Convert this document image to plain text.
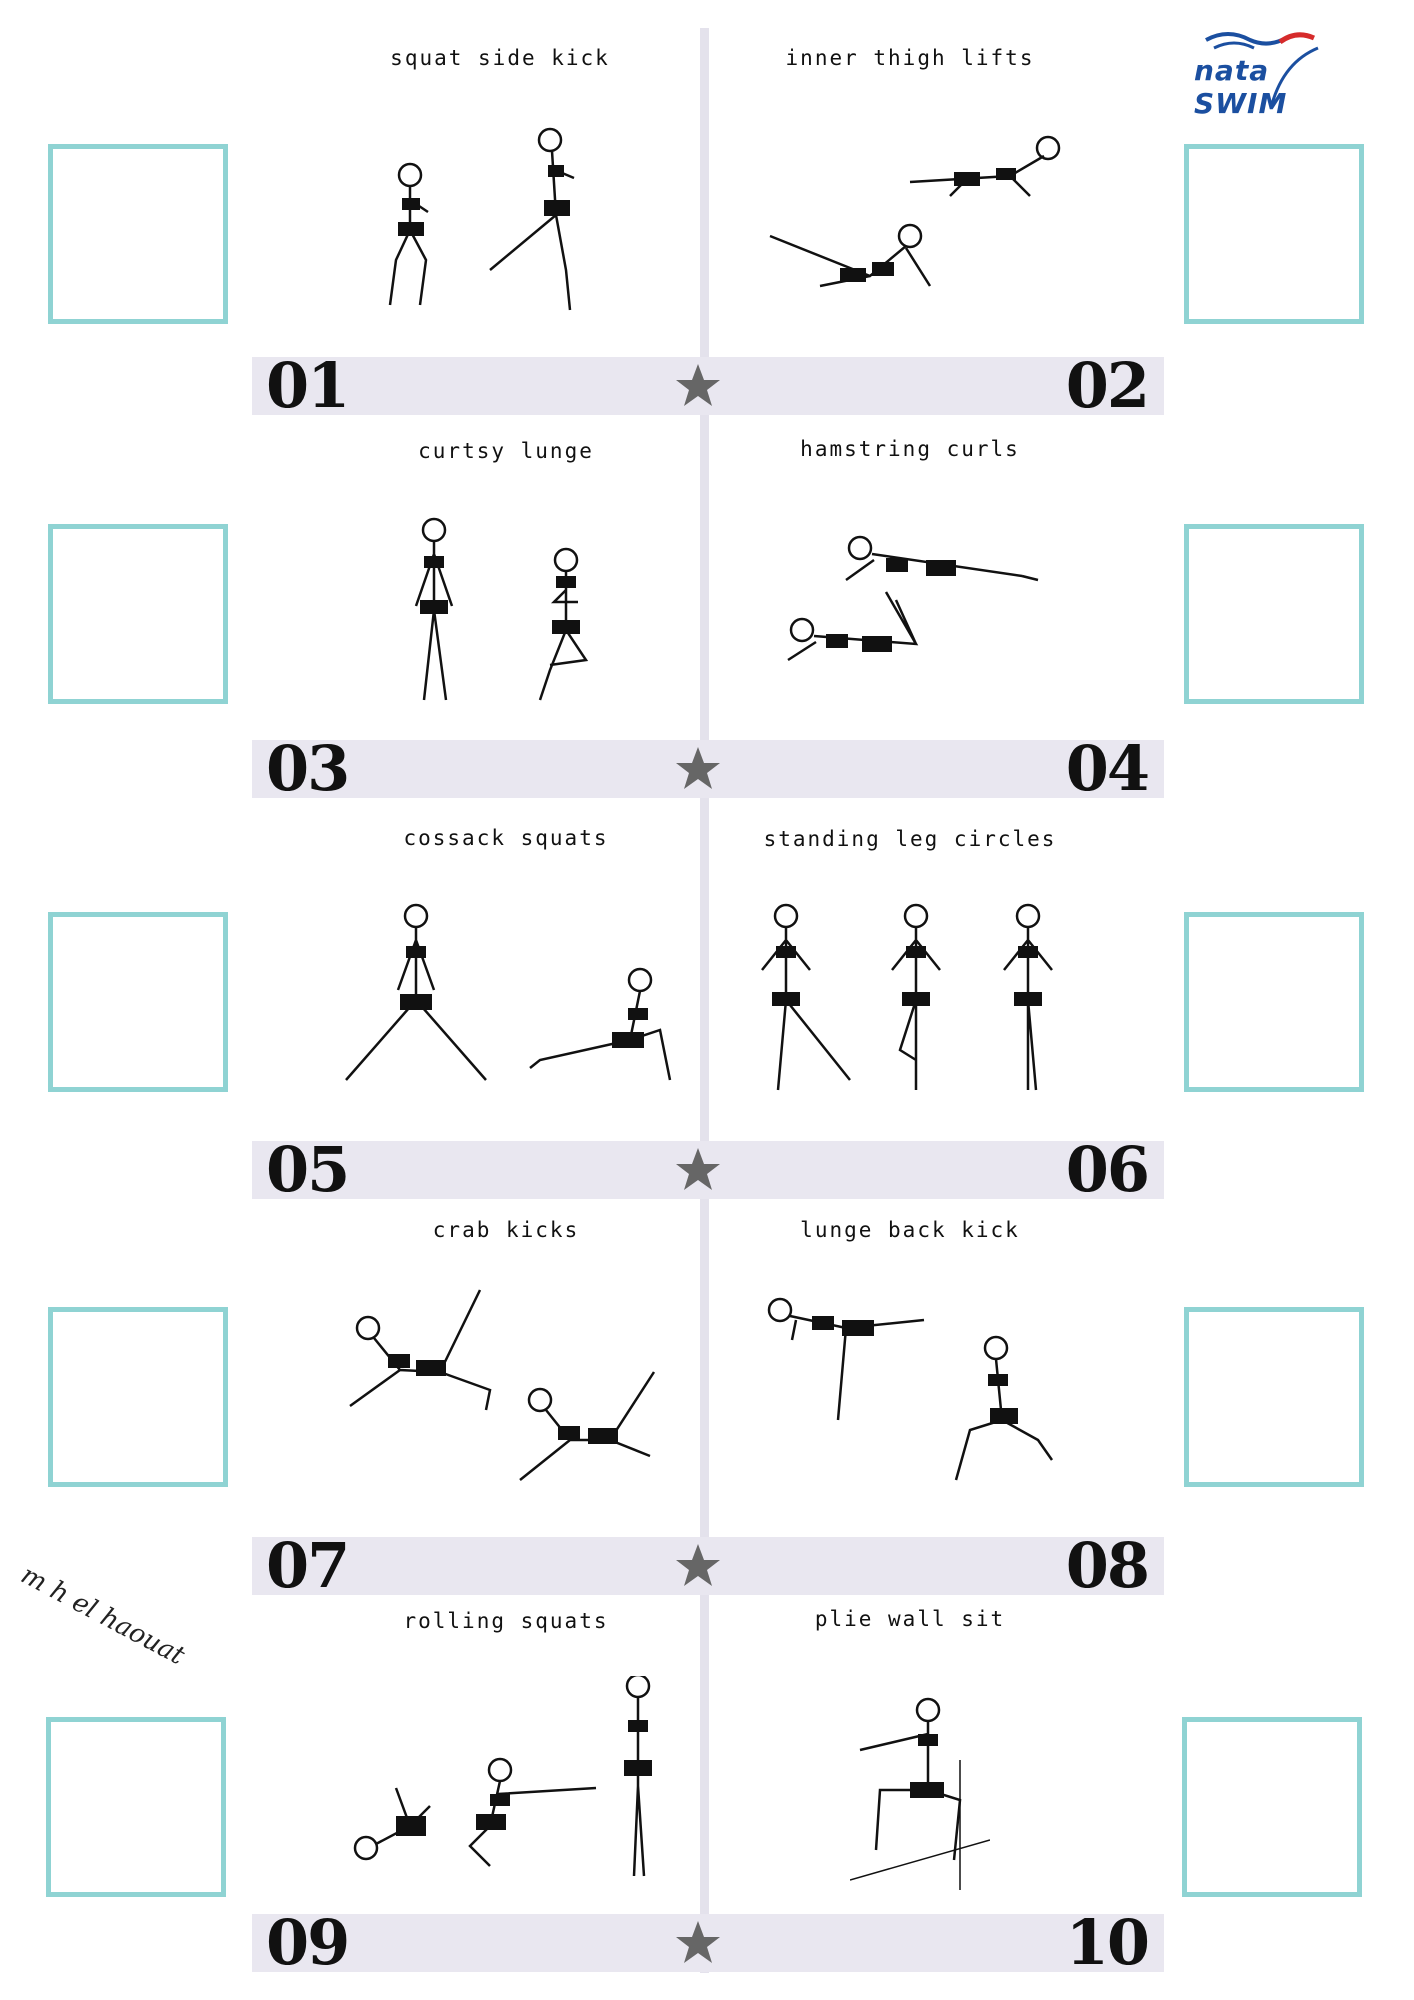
nata SWIM
squat side kick	inner thigh lifts
curtsy lunge	hamstring curls
cossack squats	standing leg circles
crab kicks	lunge back kick
rolling squats	plie wall sit
01	02
03	04
05	06
07	08
09	10
m h el haouat
